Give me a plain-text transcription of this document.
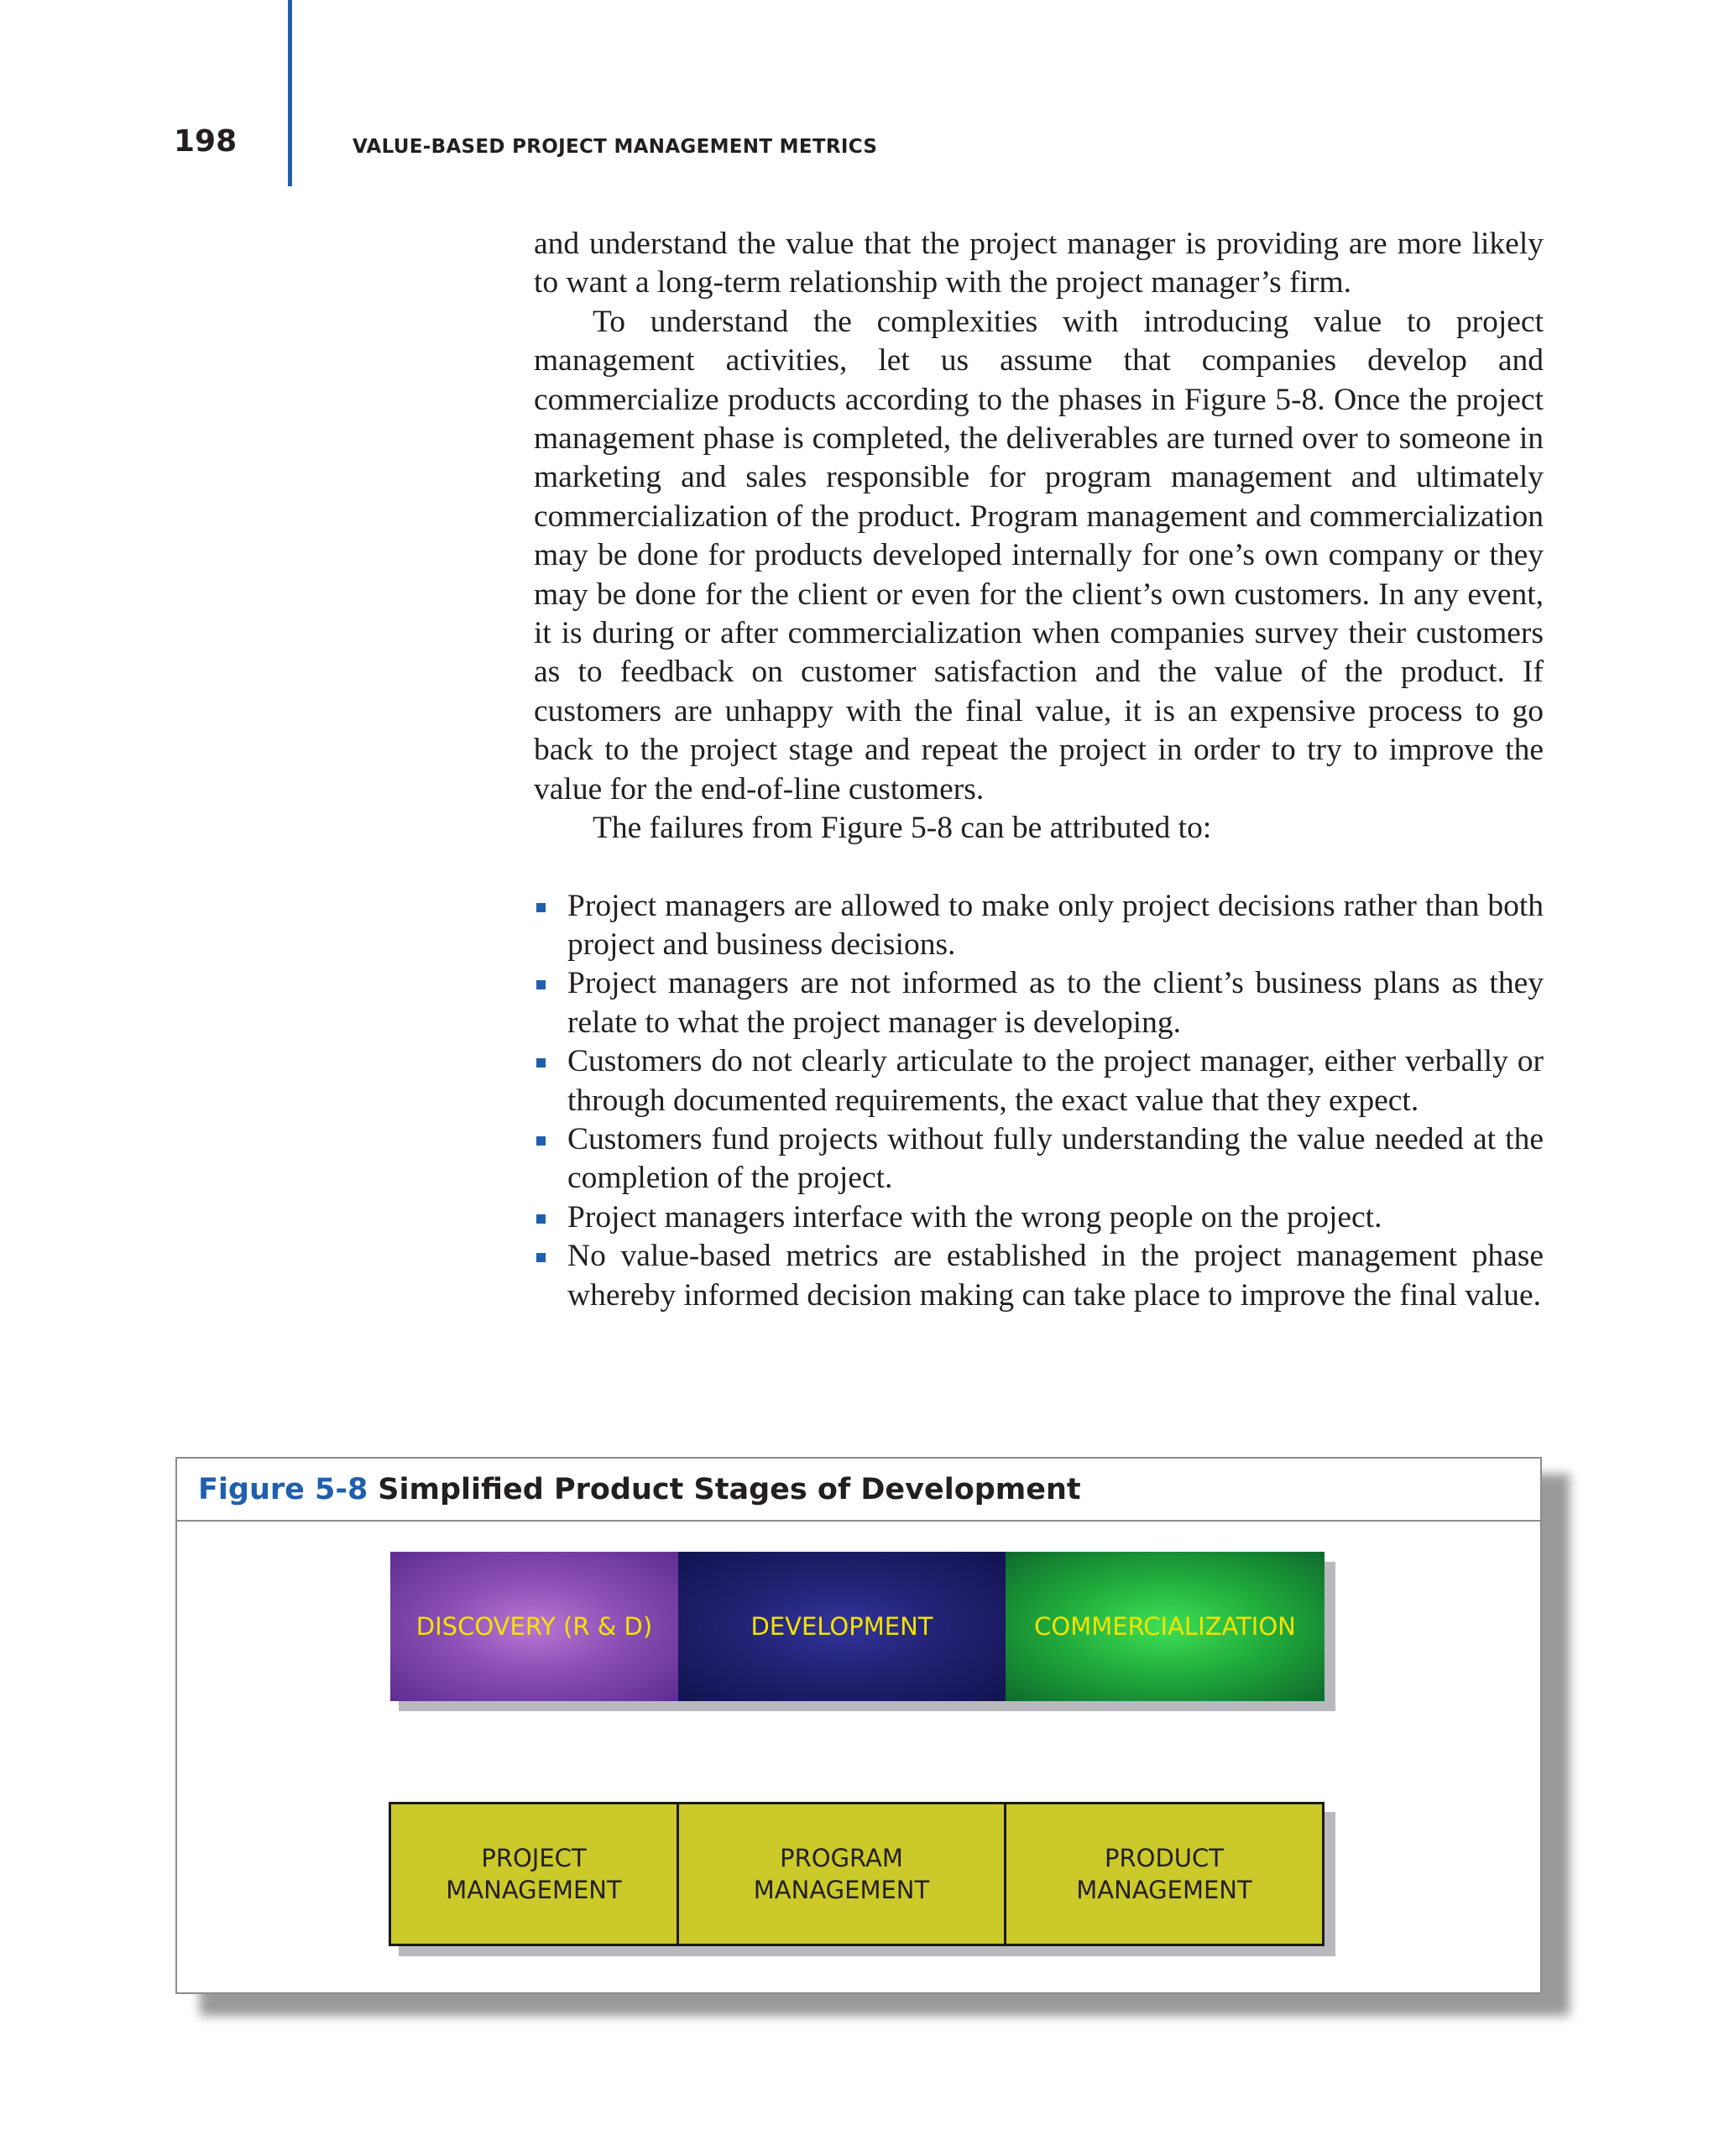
198	VALUE-BASED PROJECT MANAGEMENT METRICS

and understand the value that the project manager is providing are more likely to want a long-term relationship with the project manager’s firm.

To understand the complexities with introducing value to project management activities, let us assume that companies develop and commercialize products according to the phases in Figure 5-8. Once the project management phase is completed, the deliverables are turned over to someone in marketing and sales responsible for program management and ultimately commercialization of the product. Program management and commercialization may be done for products developed internally for one’s own company or they may be done for the client or even for the client’s own customers. In any event, it is during or after commercialization when companies survey their customers as to feedback on customer satisfaction and the value of the product. If customers are unhappy with the final value, it is an expensive process to go back to the project stage and repeat the project in order to try to improve the value for the end-of-line customers.

The failures from Figure 5-8 can be attributed to:

Project managers are allowed to make only project decisions rather than both project and business decisions.
Project managers are not informed as to the client’s business plans as they relate to what the project manager is developing.
Customers do not clearly articulate to the project manager, either verbally or through documented requirements, the exact value that they expect.
Customers fund projects without fully understanding the value needed at the completion of the project.
Project managers interface with the wrong people on the project.
No value-based metrics are established in the project management phase whereby informed decision making can take place to improve the final value.
Figure 5-8 Simplified Product Stages of Development
DISCOVERY (R & D)	DEVELOPMENT	COMMERCIALIZATION
PROJECT
MANAGEMENT
PROGRAM
MANAGEMENT
PRODUCT
MANAGEMENT
